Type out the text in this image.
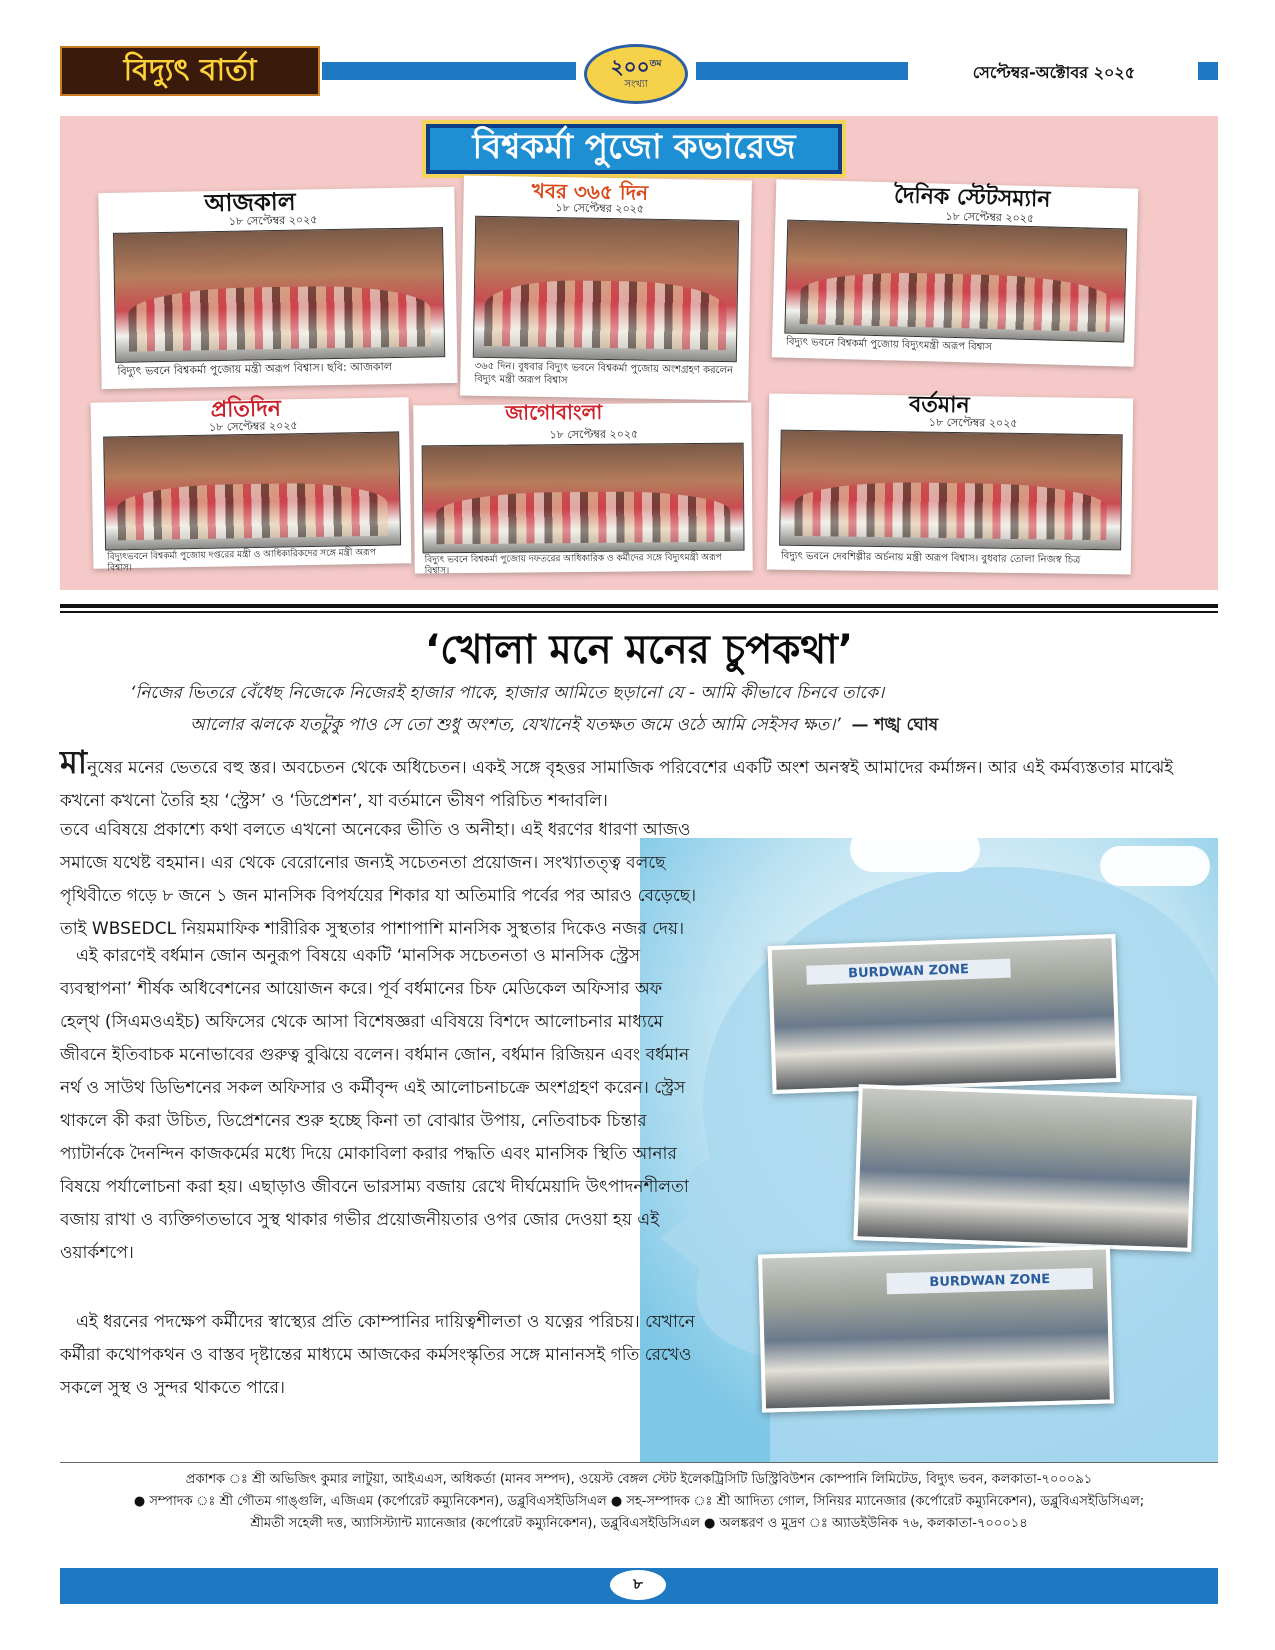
বিদ্যুৎ বার্তা	$২০০^{তম}$
সংখ্যা
সেপ্টেম্বর-অক্টোবর ২০২৫
বিশ্বকর্মা পুজো কভারেজ
আজকাল
১৮ সেপ্টেম্বর ২০২৫
বিদ্যুৎ ভবনে বিশ্বকর্মা পুজোয় মন্ত্রী অরূপ বিশ্বাস। ছবি: আজকাল
খবর ৩৬৫ দিন
১৮ সেপ্টেম্বর ২০২৫
৩৬৫ দিন। বুধবার বিদ্যুৎ ভবনে বিশ্বকর্মা পুজোয় অংশগ্রহণ করলেন বিদ্যুৎ মন্ত্রী অরূপ বিশ্বাস
দৈনিক স্টেটসম্যান
১৮ সেপ্টেম্বর ২০২৫
বিদ্যুৎ ভবনে বিশ্বকর্মা পুজোয় বিদ্যুৎমন্ত্রী অরূপ বিশ্বাস
প্রতিদিন
১৮ সেপ্টেম্বর ২০২৫
বিদ্যুৎভবনে বিশ্বকর্মা পুজোয় দপ্তরের মন্ত্রী ও আধিকারিকদের সঙ্গে মন্ত্রী অরূপ বিশ্বাস।
জাগোবাংলা
১৮ সেপ্টেম্বর ২০২৫
বিদ্যুৎ ভবনে বিশ্বকর্মা পুজোয় দফতরের আধিকারিক ও কর্মীদের সঙ্গে বিদ্যুৎমন্ত্রী অরূপ বিশ্বাস।
বর্তমান
১৮ সেপ্টেম্বর ২০২৫
বিদ্যুৎ ভবনে দেবশিল্পীর অর্চনায় মন্ত্রী অরূপ বিশ্বাস। বুধবার তোলা নিজস্ব চিত্র
‘খোলা মনে মনের চুপকথা’
‘নিজের ভিতরে বেঁধেছ নিজেকে নিজেরই হাজার পাকে, হাজার আমিতে ছড়ানো যে - আমি কীভাবে চিনবে তাকে।
আলোর ঝলকে যতটুকু পাও সে তো শুধু অংশত, যেখানেই যতক্ষত জমে ওঠে আমি সেইসব ক্ষত।’ — শঙ্খ ঘোষ
BURDWAN ZONE
BURDWAN ZONE

মানুষের মনের ভেতরে বহু স্তর। অবচেতন থেকে অধিচেতন। একই সঙ্গে বৃহত্তর সামাজিক পরিবেশের একটি অংশ অনস্বই আমাদের কর্মাঙ্গন। আর এই কর্মব্যস্ততার মাঝেই কখনো কখনো তৈরি হয় ‘স্ট্রেস’ ও ‘ডিপ্রেশন’, যা বর্তমানে ভীষণ পরিচিত শব্দাবলি।

তবে এবিষয়ে প্রকাশ্যে কথা বলতে এখনো অনেকের ভীতি ও অনীহা। এই ধরণের ধারণা আজও সমাজে যথেষ্ট বহমান। এর থেকে বেরোনোর জন্যই সচেতনতা প্রয়োজন। সংখ্যাতত্ত্ব বলছে পৃথিবীতে গড়ে ৮ জনে ১ জন মানসিক বিপর্যয়ের শিকার যা অতিমারি পর্বের পর আরও বেড়েছে। তাই WBSEDCL নিয়মমাফিক শারীরিক সুস্থতার পাশাপাশি মানসিক সুস্থতার দিকেও নজর দেয়।

এই কারণেই বর্ধমান জোন অনুরূপ বিষয়ে একটি ‘মানসিক সচেতনতা ও মানসিক স্ট্রেস ব্যবস্থাপনা’ শীর্ষক অধিবেশনের আয়োজন করে। পূর্ব বর্ধমানের চিফ মেডিকেল অফিসার অফ হেল্থ (সিএমওএইচ) অফিসের থেকে আসা বিশেষজ্ঞরা এবিষয়ে বিশদে আলোচনার মাধ্যমে জীবনে ইতিবাচক মনোভাবের গুরুত্ব বুঝিয়ে বলেন। বর্ধমান জোন, বর্ধমান রিজিয়ন এবং বর্ধমান নর্থ ও সাউথ ডিভিশনের সকল অফিসার ও কর্মীবৃন্দ এই আলোচনাচক্রে অংশগ্রহণ করেন। স্ট্রেস থাকলে কী করা উচিত, ডিপ্রেশনের শুরু হচ্ছে কিনা তা বোঝার উপায়, নেতিবাচক চিন্তার প্যাটার্নকে দৈনন্দিন কাজকর্মের মধ্যে দিয়ে মোকাবিলা করার পদ্ধতি এবং মানসিক স্থিতি আনার বিষয়ে পর্যালোচনা করা হয়। এছাড়াও জীবনে ভারসাম্য বজায় রেখে দীর্ঘমেয়াদি উৎপাদনশীলতা বজায় রাখা ও ব্যক্তিগতভাবে সুস্থ থাকার গভীর প্রয়োজনীয়তার ওপর জোর দেওয়া হয় এই ওয়ার্কশপে।

এই ধরনের পদক্ষেপ কর্মীদের স্বাস্থ্যের প্রতি কোম্পানির দায়িত্বশীলতা ও যত্নের পরিচয়। যেখানে কর্মীরা কথোপকথন ও বাস্তব দৃষ্টান্তের মাধ্যমে আজকের কর্মসংস্কৃতির সঙ্গে মানানসই গতি রেখেও সকলে সুস্থ ও সুন্দর থাকতে পারে।

প্রকাশক ঃ শ্রী অভিজিৎ কুমার লাটুয়া, আইএএস, অধিকর্তা (মানব সম্পদ), ওয়েস্ট বেঙ্গল স্টেট ইলেকট্রিসিটি ডিস্ট্রিবিউশন কোম্পানি লিমিটেড, বিদ্যুৎ ভবন, কলকাতা-৭০০০৯১
● সম্পাদক ঃ শ্রী গৌতম গাঙ্গুলি, এজিএম (কর্পোরেট কম্যুনিকেশন), ডব্লুবিএসইডিসিএল ● সহ-সম্পাদক ঃ শ্রী আদিত্য গোল, সিনিয়র ম্যানেজার (কর্পোরেট কম্যুনিকেশন), ডব্লুবিএসইডিসিএল;
শ্রীমতী সহেলী দত্ত, অ্যাসিস্ট্যান্ট ম্যানেজার (কর্পোরেট কম্যুনিকেশন), ডব্লুবিএসইডিসিএল ● অলঙ্করণ ও মুদ্রণ ঃ অ্যাডইউনিক ৭৬, কলকাতা-৭০০০১৪
৮
